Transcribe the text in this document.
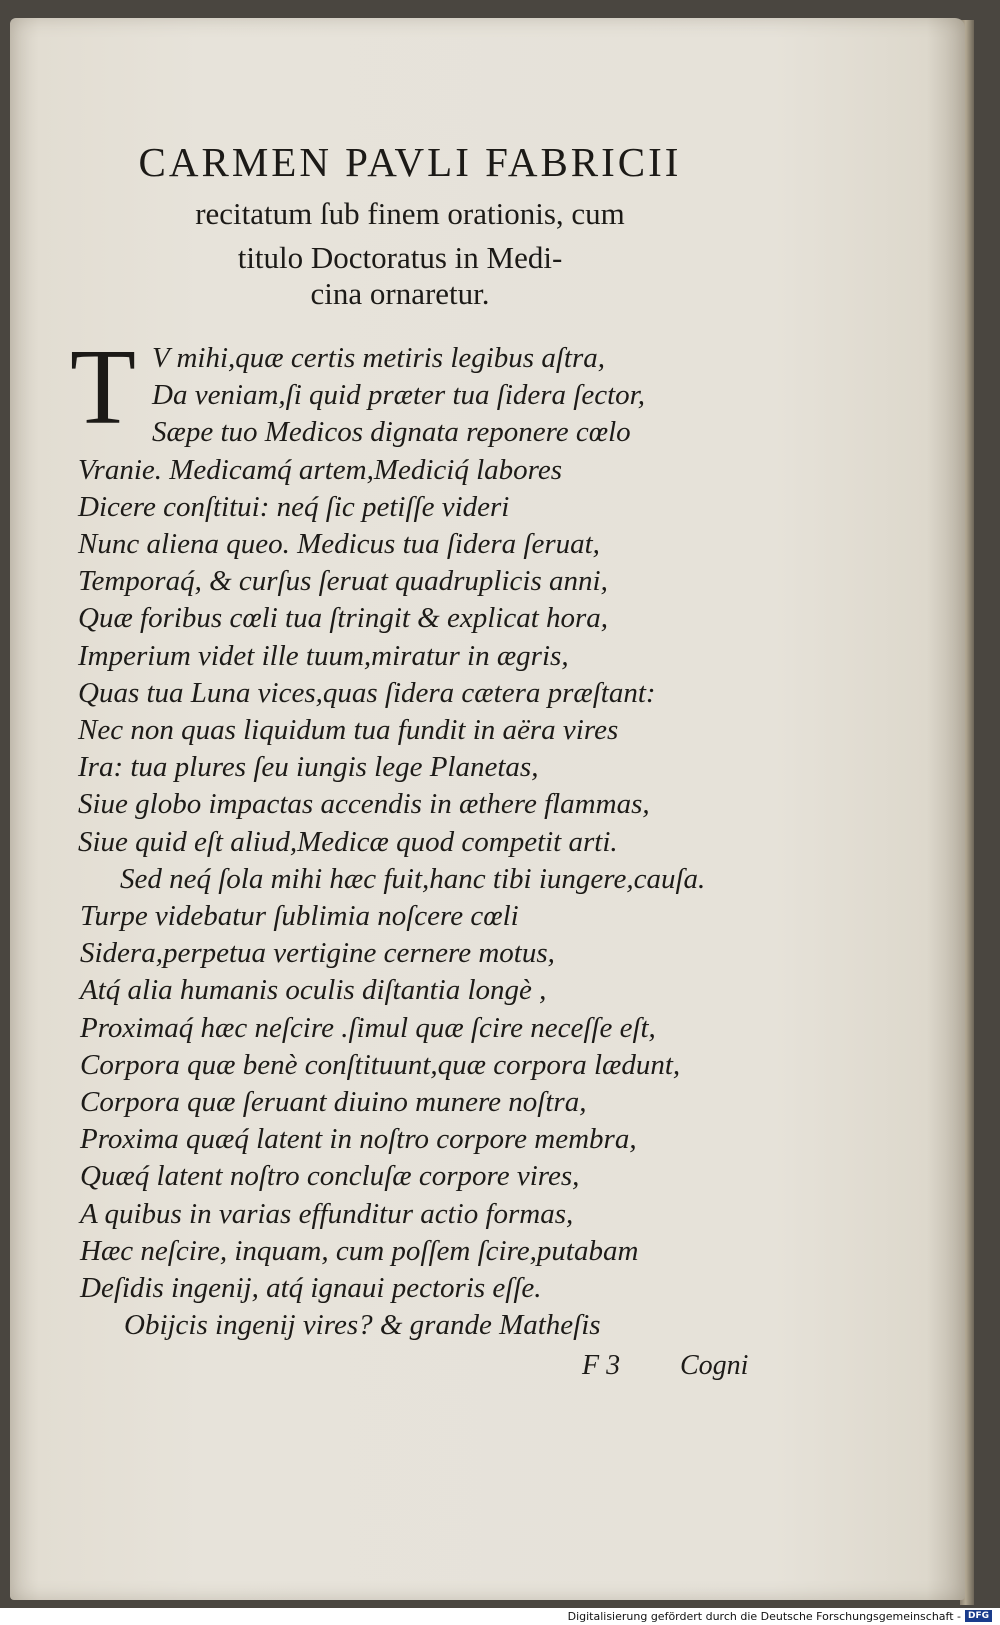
CARMEN PAVLI FABRICII
recitatum ſub finem orationis, cum
titulo Doctoratus in Medi-
cina ornaretur.
T V mihi,quæ certis metiris legibus aſtra,
Da veniam,ſi quid præter tua ſidera ſector,
Sæpe tuo Medicos dignata reponere cœlo
Vranie. Medicamq́ artem,Mediciq́ labores
Dicere conſtitui: neq́ ſic petiſſe videri
Nunc aliena queo. Medicus tua ſidera ſeruat,
Temporaq́, & curſus ſeruat quadruplicis anni,
Quæ foribus cœli tua ſtringit & explicat hora,
Imperium videt ille tuum,miratur in ægris,
Quas tua Luna vices,quas ſidera cætera præſtant:
Nec non quas liquidum tua fundit in aëra vires
Ira: tua plures ſeu iungis lege Planetas,
Siue globo impactas accendis in æthere flammas,
Siue quid eſt aliud,Medicæ quod competit arti.
Sed neq́ ſola mihi hæc fuit,hanc tibi iungere,cauſa.
Turpe videbatur ſublimia noſcere cœli
Sidera,perpetua vertigine cernere motus,
Atq́ alia humanis oculis diſtantia longè ,
Proximaq́ hæc neſcire .ſimul quæ ſcire neceſſe eſt,
Corpora quæ benè conſtituunt,quæ corpora lædunt,
Corpora quæ ſeruant diuino munere noſtra,
Proxima quæq́ latent in noſtro corpore membra,
Quæq́ latent noſtro concluſæ corpore vires,
A quibus in varias effunditur actio formas,
Hæc neſcire, inquam, cum poſſem ſcire,putabam
Deſidis ingenij, atq́ ignaui pectoris eſſe.
Obijcis ingenij vires? & grande Matheſis
F 3 Cogni
Digitalisierung gefördert durch die Deutsche Forschungsgemeinschaft - DFG
